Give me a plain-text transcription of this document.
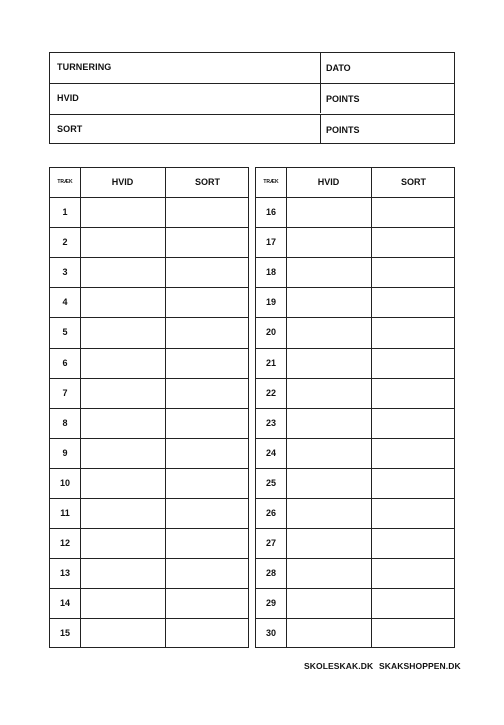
TURNERING	DATO
HVID	POINTS
SORT	POINTS
TRÆK	HVID	SORT
1
2
3
4
5
6
7
8
9
10
11
12
13
14
15
TRÆK	HVID	SORT
16
17
18
19
20
21
22
23
24
25
26
27
28
29
30
SKOLESKAK.DK SKAKSHOPPEN.DK
